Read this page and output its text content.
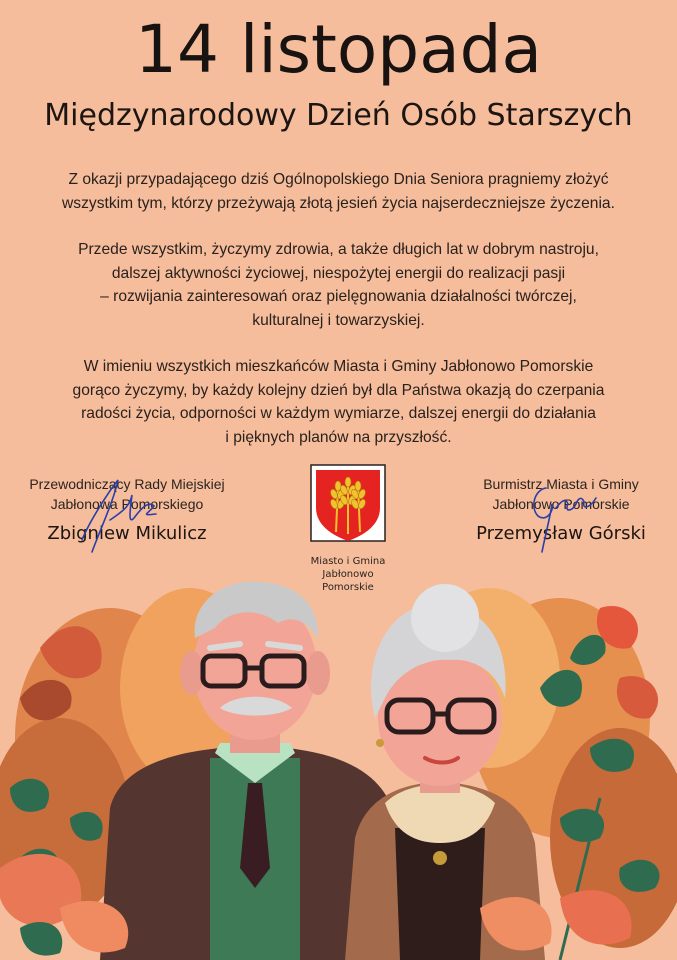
14 listopada
Międzynarodowy Dzień Osób Starszych

Z okazji przypadającego dziś Ogólnopolskiego Dnia Seniora pragniemy złożyć
wszystkim tym, którzy przeżywają złotą jesień życia najserdeczniejsze życzenia.

Przede wszystkim, życzymy zdrowia, a także długich lat w dobrym nastroju,
dalszej aktywności życiowej, niespożytej energii do realizacji pasji
– rozwijania zainteresowań oraz pielęgnowania działalności twórczej,
kulturalnej i towarzyskiej.

W imieniu wszystkich mieszkańców Miasta i Gminy Jabłonowo Pomorskie
gorąco życzymy, by każdy kolejny dzień był dla Państwa okazją do czerpania
radości życia, odporności w każdym wymiarze, dalszej energii do działania
i pięknych planów na przyszłość.

Przewodniczący Rady Miejskiej
Jabłonowa Pomorskiego
Zbigniew Mikulicz
Miasto i Gmina
Jabłonowo Pomorskie
Burmistrz Miasta i Gminy
Jabłonowo Pomorskie
Przemysław Górski
